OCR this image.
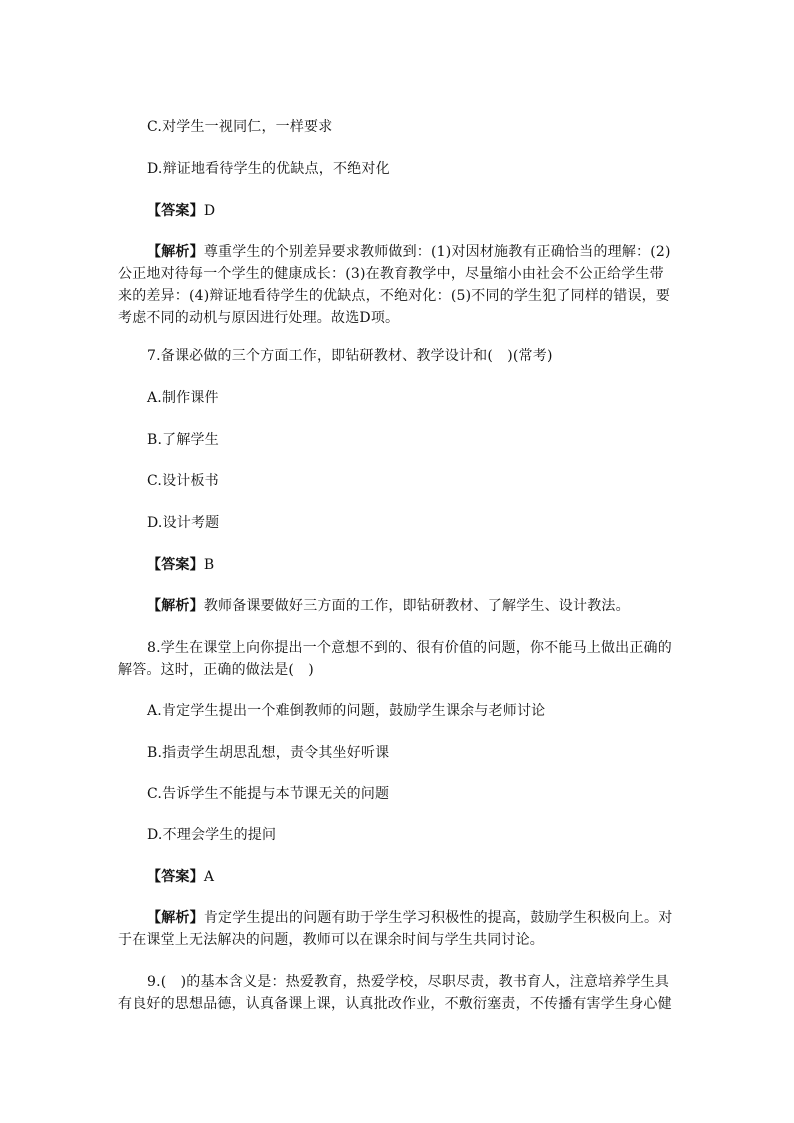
C.对学生一视同仁，一样要求
D.辩证地看待学生的优缺点，不绝对化
【答案】D
【解析】尊重学生的个别差异要求教师做到：(1)对因材施教有正确恰当的理解：(2)公正地对待每一个学生的健康成长：(3)在教育教学中，尽量缩小由社会不公正给学生带来的差异：(4)辩证地看待学生的优缺点，不绝对化：(5)不同的学生犯了同样的错误，要考虑不同的动机与原因进行处理。故选D项。
7.备课必做的三个方面工作，即钻研教材、教学设计和(　)(常考)
A.制作课件
B.了解学生
C.设计板书
D.设计考题
【答案】B
【解析】教师备课要做好三方面的工作，即钻研教材、了解学生、设计教法。
8.学生在课堂上向你提出一个意想不到的、很有价值的问题，你不能马上做出正确的解答。这时，正确的做法是(　)
A.肯定学生提出一个难倒教师的问题，鼓励学生课余与老师讨论
B.指责学生胡思乱想，责令其坐好听课
C.告诉学生不能提与本节课无关的问题
D.不理会学生的提问
【答案】A
【解析】肯定学生提出的问题有助于学生学习积极性的提高，鼓励学生积极向上。对于在课堂上无法解决的问题，教师可以在课余时间与学生共同讨论。
9.(　)的基本含义是：热爱教育，热爱学校，尽职尽责，教书育人，注意培养学生具有良好的思想品德，认真备课上课，认真批改作业，不敷衍塞责，不传播有害学生身心健
